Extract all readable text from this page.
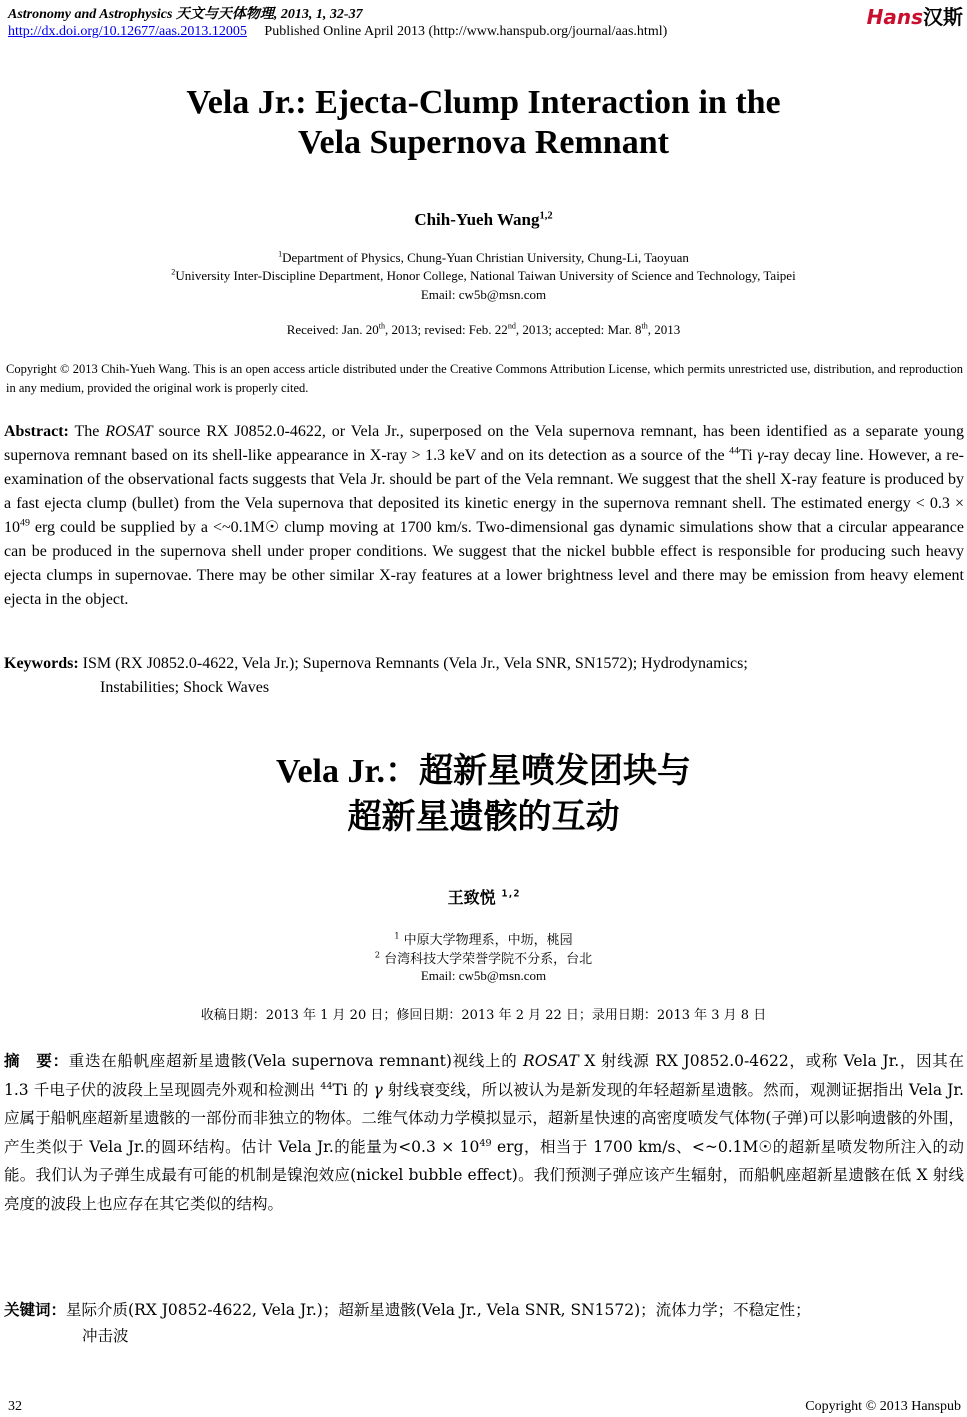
Astronomy and Astrophysics 天文与天体物理, 2013, 1, 32-37	Hans汉斯
http://dx.doi.org/10.12677/aas.2013.12005 Published Online April 2013 (http://www.hanspub.org/journal/aas.html)
Vela Jr.: Ejecta-Clump Interaction in the
Vela Supernova Remnant
Chih-Yueh Wang$^{1,2}$
$^1$Department of Physics, Chung-Yuan Christian University, Chung-Li, Taoyuan
$^2$University Inter-Discipline Department, Honor College, National Taiwan University of Science and Technology, Taipei
Email: cw5b@msn.com
Received: Jan. 20th, 2013; revised: Feb. 22nd, 2013; accepted: Mar. 8th, 2013
Copyright © 2013 Chih-Yueh Wang. This is an open access article distributed under the Creative Commons Attribution License, which permits unrestricted use, distribution, and reproduction in any medium, provided the original work is properly cited.
Abstract: The ROSAT source RX J0852.0-4622, or Vela Jr., superposed on the Vela supernova remnant, has been identified as a separate young supernova remnant based on its shell-like appearance in X-ray > 1.3 keV and on its detection as a source of the $^{44}$Ti γ-ray decay line. However, a re-examination of the observational facts suggests that Vela Jr. should be part of the Vela remnant. We suggest that the shell X-ray feature is produced by a fast ejecta clump (bullet) from the Vela supernova that deposited its kinetic energy in the supernova remnant shell. The estimated energy < $0.3 \times 10^{49}$ erg could be supplied by a <~0.1M☉ clump moving at 1700 km/s. Two-dimensional gas dynamic simulations show that a circular appearance can be produced in the supernova shell under proper conditions. We suggest that the nickel bubble effect is responsible for producing such heavy ejecta clumps in supernovae. There may be other similar X-ray features at a lower brightness level and there may be emission from heavy element ejecta in the object.
Keywords: ISM (RX J0852.0-4622, Vela Jr.); Supernova Remnants (Vela Jr., Vela SNR, SN1572); Hydrodynamics;
Instabilities; Shock Waves
Vela Jr.：超新星喷发团块与
超新星遗骸的互动
王致悦 $^{1,2}$
$^1$ 中原大学物理系，中坜，桃园
$^2$ 台湾科技大学荣誉学院不分系，台北
Email: cw5b@msn.com
收稿日期：2013 年 1 月 20 日；修回日期：2013 年 2 月 22 日；录用日期：2013 年 3 月 8 日
摘　要：重迭在船帆座超新星遗骸(Vela supernova remnant)视线上的 ROSAT X 射线源 RX J0852.0-4622，或称 Vela Jr.，因其在 1.3 千电子伏的波段上呈现圆壳外观和检测出 $^{44}$Ti 的 γ 射线衰变线，所以被认为是新发现的年轻超新星遗骸。然而，观测证据指出 Vela Jr.应属于船帆座超新星遗骸的一部份而非独立的物体。二维气体动力学模拟显示，超新星快速的高密度喷发气体物(子弹)可以影响遗骸的外围，产生类似于 Vela Jr.的圆环结构。估计 Vela Jr.的能量为$<0.3 \times 10^{49}$ erg，相当于 1700 km/s、<~0.1M☉的超新星喷发物所注入的动能。我们认为子弹生成最有可能的机制是镍泡效应(nickel bubble effect)。我们预测子弹应该产生辐射，而船帆座超新星遗骸在低 X 射线亮度的波段上也应存在其它类似的结构。
关键词：星际介质(RX J0852-4622, Vela Jr.)；超新星遗骸(Vela Jr., Vela SNR, SN1572)；流体力学；不稳定性；
冲击波
32	Copyright © 2013 Hanspub
